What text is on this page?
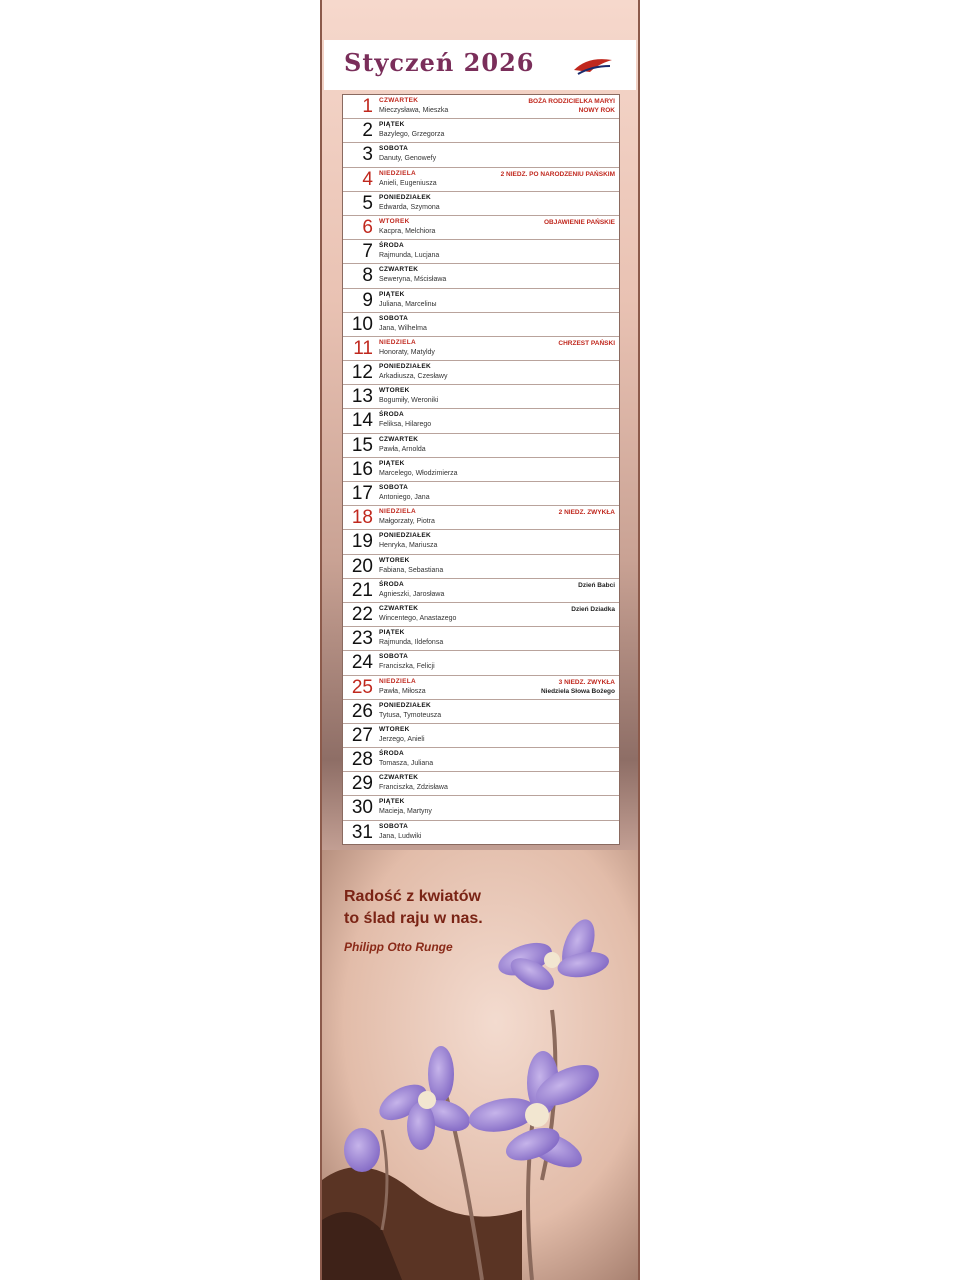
Styczeń 2026
1 CZWARTEK
Mieczysława, Mieszka
BOŻA RODZICIELKA MARYI
NOWY ROK
2 PIĄTEK
Bazylego, Grzegorza
3 SOBOTA
Danuty, Genowefy
4 NIEDZIELA
Anieli, Eugeniusza
2 NIEDZ. PO NARODZENIU PAŃSKIM
5 PONIEDZIAŁEK
Edwarda, Szymona
6 WTOREK
Kacpra, Melchiora
OBJAWIENIE PAŃSKIE
7 ŚRODA
Rajmunda, Lucjana
8 CZWARTEK
Seweryna, Mścisława
9 PIĄTEK
Juliana, Marcelinы
10 SOBOTA
Jana, Wilhelma
11 NIEDZIELA
Honoraty, Matyldy
CHRZEST PAŃSKI
12 PONIEDZIAŁEK
Arkadiusza, Czesławy
13 WTOREK
Bogumiły, Weroniki
14 ŚRODA
Feliksa, Hilarego
15 CZWARTEK
Pawła, Arnolda
16 PIĄTEK
Marcelego, Włodzimierza
17 SOBOTA
Antoniego, Jana
18 NIEDZIELA
Małgorzaty, Piotra
2 NIEDZ. ZWYKŁA
19 PONIEDZIAŁEK
Henryka, Mariusza
20 WTOREK
Fabiana, Sebastiana
21 ŚRODA
Agnieszki, Jarosława
Dzień Babci
22 CZWARTEK
Wincentego, Anastazego
Dzień Dziadka
23 PIĄTEK
Rajmunda, Ildefonsa
24 SOBOTA
Franciszka, Felicji
25 NIEDZIELA
Pawła, Miłosza
3 NIEDZ. ZWYKŁA
Niedziela Słowa Bożego
26 PONIEDZIAŁEK
Tytusa, Tymoteusza
27 WTOREK
Jerzego, Anieli
28 ŚRODA
Tomasza, Juliana
29 CZWARTEK
Franciszka, Zdzisława
30 PIĄTEK
Macieja, Martyny
31 SOBOTA
Jana, Ludwiki
Radość z kwiatów
to ślad raju w nas.
Philipp Otto Runge
